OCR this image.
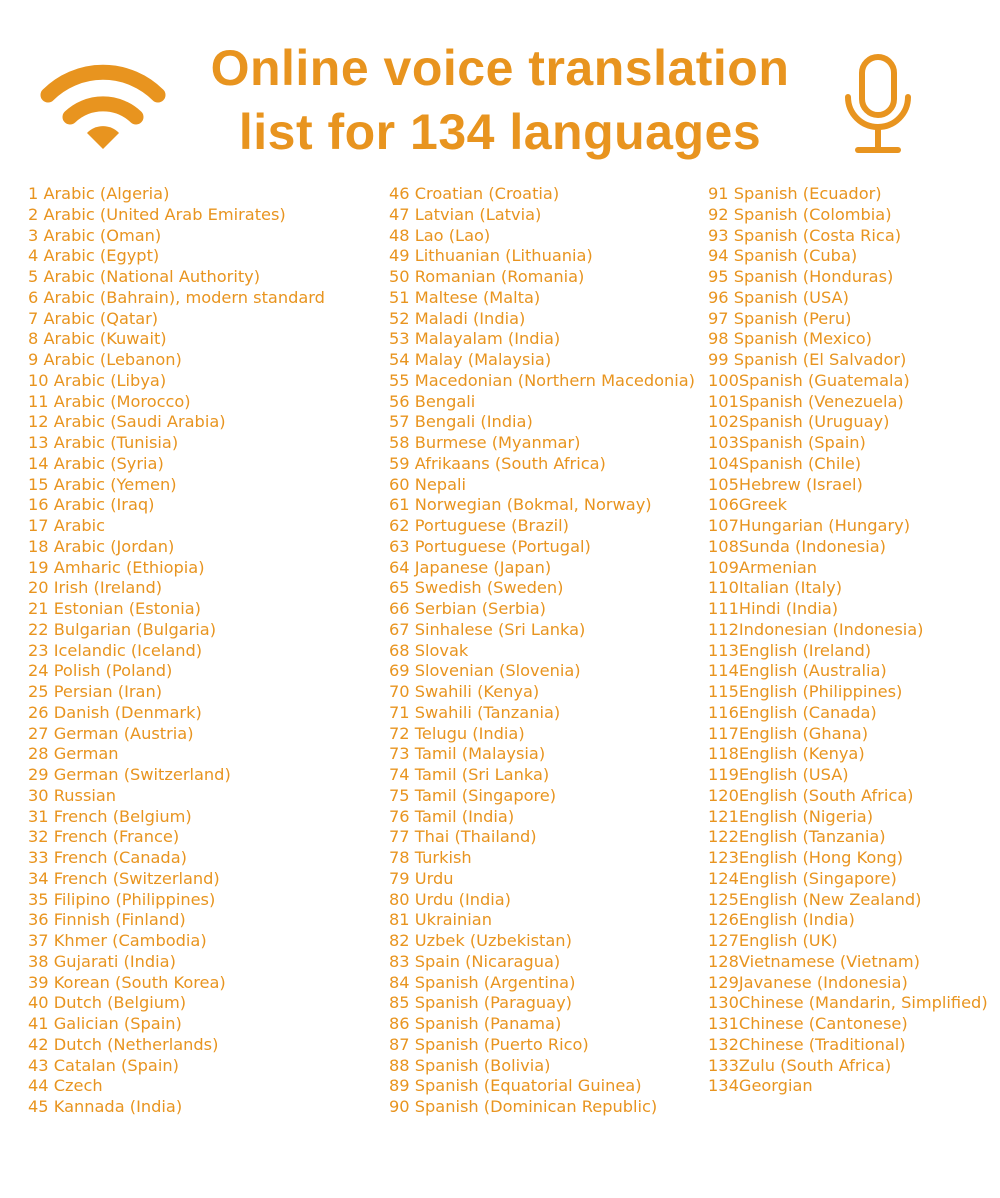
Online voice translation
list for 134 languages
1 Arabic (Algeria)
2 Arabic (United Arab Emirates)
3 Arabic (Oman)
4 Arabic (Egypt)
5 Arabic (National Authority)
6 Arabic (Bahrain), modern standard
7 Arabic (Qatar)
8 Arabic (Kuwait)
9 Arabic (Lebanon)
10 Arabic (Libya)
11 Arabic (Morocco)
12 Arabic (Saudi Arabia)
13 Arabic (Tunisia)
14 Arabic (Syria)
15 Arabic (Yemen)
16 Arabic (Iraq)
17 Arabic
18 Arabic (Jordan)
19 Amharic (Ethiopia)
20 Irish (Ireland)
21 Estonian (Estonia)
22 Bulgarian (Bulgaria)
23 Icelandic (Iceland)
24 Polish (Poland)
25 Persian (Iran)
26 Danish (Denmark)
27 German (Austria)
28 German
29 German (Switzerland)
30 Russian
31 French (Belgium)
32 French (France)
33 French (Canada)
34 French (Switzerland)
35 Filipino (Philippines)
36 Finnish (Finland)
37 Khmer (Cambodia)
38 Gujarati (India)
39 Korean (South Korea)
40 Dutch (Belgium)
41 Galician (Spain)
42 Dutch (Netherlands)
43 Catalan (Spain)
44 Czech
45 Kannada (India)
46 Croatian (Croatia)
47 Latvian (Latvia)
48 Lao (Lao)
49 Lithuanian (Lithuania)
50 Romanian (Romania)
51 Maltese (Malta)
52 Maladi (India)
53 Malayalam (India)
54 Malay (Malaysia)
55 Macedonian (Northern Macedonia)
56 Bengali
57 Bengali (India)
58 Burmese (Myanmar)
59 Afrikaans (South Africa)
60 Nepali
61 Norwegian (Bokmal, Norway)
62 Portuguese (Brazil)
63 Portuguese (Portugal)
64 Japanese (Japan)
65 Swedish (Sweden)
66 Serbian (Serbia)
67 Sinhalese (Sri Lanka)
68 Slovak
69 Slovenian (Slovenia)
70 Swahili (Kenya)
71 Swahili (Tanzania)
72 Telugu (India)
73 Tamil (Malaysia)
74 Tamil (Sri Lanka)
75 Tamil (Singapore)
76 Tamil (India)
77 Thai (Thailand)
78 Turkish
79 Urdu
80 Urdu (India)
81 Ukrainian
82 Uzbek (Uzbekistan)
83 Spain (Nicaragua)
84 Spanish (Argentina)
85 Spanish (Paraguay)
86 Spanish (Panama)
87 Spanish (Puerto Rico)
88 Spanish (Bolivia)
89 Spanish (Equatorial Guinea)
90 Spanish (Dominican Republic)
91 Spanish (Ecuador)
92 Spanish (Colombia)
93 Spanish (Costa Rica)
94 Spanish (Cuba)
95 Spanish (Honduras)
96 Spanish (USA)
97 Spanish (Peru)
98 Spanish (Mexico)
99 Spanish (El Salvador)
100Spanish (Guatemala)
101Spanish (Venezuela)
102Spanish (Uruguay)
103Spanish (Spain)
104Spanish (Chile)
105Hebrew (Israel)
106Greek
107Hungarian (Hungary)
108Sunda (Indonesia)
109Armenian
110Italian (Italy)
111Hindi (India)
112Indonesian (Indonesia)
113English (Ireland)
114English (Australia)
115English (Philippines)
116English (Canada)
117English (Ghana)
118English (Kenya)
119English (USA)
120English (South Africa)
121English (Nigeria)
122English (Tanzania)
123English (Hong Kong)
124English (Singapore)
125English (New Zealand)
126English (India)
127English (UK)
128Vietnamese (Vietnam)
129Javanese (Indonesia)
130Chinese (Mandarin, Simplified)
131Chinese (Cantonese)
132Chinese (Traditional)
133Zulu (South Africa)
134Georgian
